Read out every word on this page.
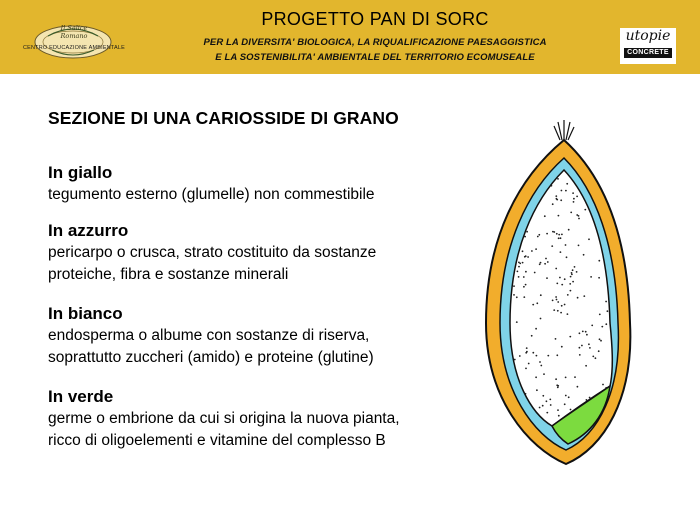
Il Salice Romano
CENTRO EDUCAZIONE AMBIENTALE
PROGETTO PAN DI SORC
PER LA DIVERSITA' BIOLOGICA, LA RIQUALIFICAZIONE PAESAGGISTICA
E LA SOSTENIBILITA' AMBIENTALE DEL TERRITORIO ECOMUSEALE
utopie
CONCRETE
SEZIONE DI UNA CARIOSSIDE DI GRANO
In giallo

tegumento esterno (glumelle) non commestibile

In azzurro

pericarpo o crusca, strato costituito da sostanze
proteiche, fibra e sostanze minerali

In bianco

endosperma o albume con sostanze di riserva,
soprattutto zuccheri (amido) e proteine (glutine)

In verde

germe o embrione da cui si origina la nuova pianta,
ricco di oligoelementi e vitamine del complesso B
